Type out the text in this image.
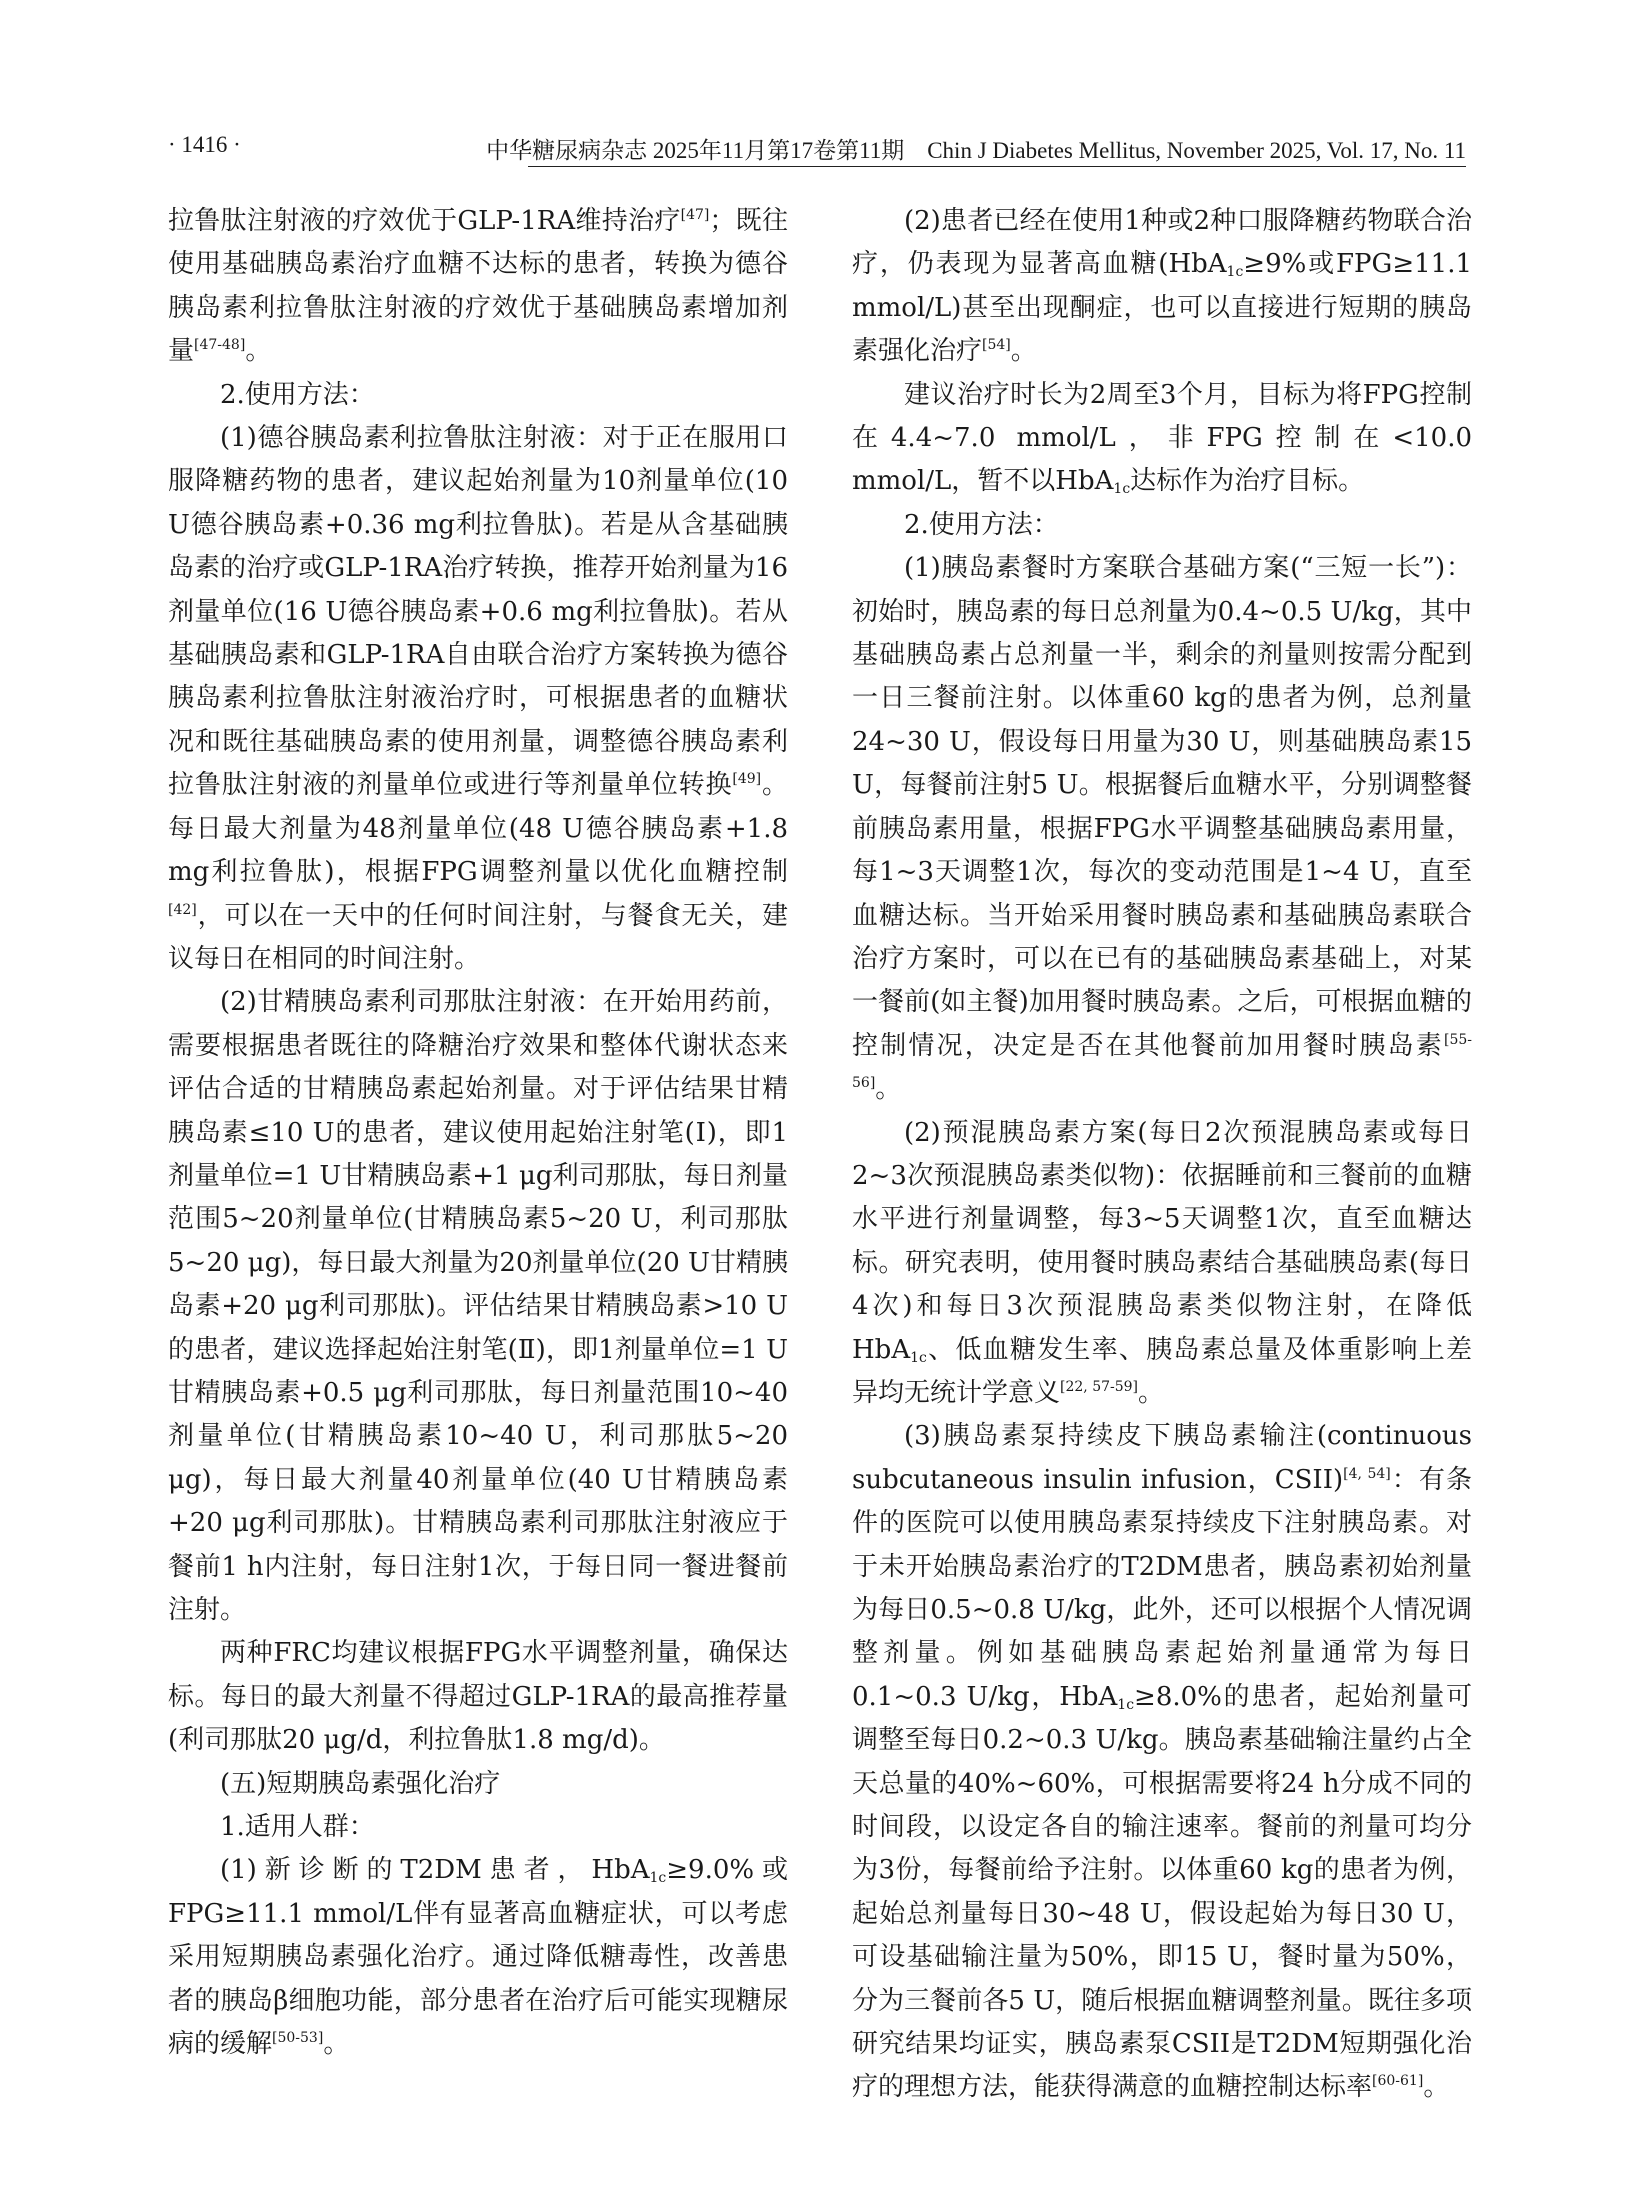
· 1416 ·	中华糖尿病杂志 2025年11月第17卷第11期　Chin J Diabetes Mellitus, November 2025, Vol. 17, No. 11

拉鲁肽注射液的疗效优于GLP-1RA维持治疗[47]；既往使用基础胰岛素治疗血糖不达标的患者，转换为德谷胰岛素利拉鲁肽注射液的疗效优于基础胰岛素增加剂量[47-48]。

2.使用方法：

(1)德谷胰岛素利拉鲁肽注射液：对于正在服用口服降糖药物的患者，建议起始剂量为10剂量单位(10 U德谷胰岛素+0.36 mg利拉鲁肽)。若是从含基础胰岛素的治疗或GLP-1RA治疗转换，推荐开始剂量为16剂量单位(16 U德谷胰岛素+0.6 mg利拉鲁肽)。若从基础胰岛素和GLP-1RA自由联合治疗方案转换为德谷胰岛素利拉鲁肽注射液治疗时，可根据患者的血糖状况和既往基础胰岛素的使用剂量，调整德谷胰岛素利拉鲁肽注射液的剂量单位或进行等剂量单位转换[49]。每日最大剂量为48剂量单位(48 U德谷胰岛素+1.8 mg利拉鲁肽)，根据FPG调整剂量以优化血糖控制[42]，可以在一天中的任何时间注射，与餐食无关，建议每日在相同的时间注射。

(2)甘精胰岛素利司那肽注射液：在开始用药前，需要根据患者既往的降糖治疗效果和整体代谢状态来评估合适的甘精胰岛素起始剂量。对于评估结果甘精胰岛素≤10 U的患者，建议使用起始注射笔(Ⅰ)，即1剂量单位=1 U甘精胰岛素+1 μg利司那肽，每日剂量范围5~20剂量单位(甘精胰岛素5~20 U，利司那肽5~20 μg)，每日最大剂量为20剂量单位(20 U甘精胰岛素+20 μg利司那肽)。评估结果甘精胰岛素>10 U的患者，建议选择起始注射笔(Ⅱ)，即1剂量单位=1 U甘精胰岛素+0.5 μg利司那肽，每日剂量范围10~40剂量单位(甘精胰岛素10~40 U，利司那肽5~20 μg)，每日最大剂量40剂量单位(40 U甘精胰岛素+20 μg利司那肽)。甘精胰岛素利司那肽注射液应于餐前1 h内注射，每日注射1次，于每日同一餐进餐前注射。

两种FRC均建议根据FPG水平调整剂量，确保达标。每日的最大剂量不得超过GLP-1RA的最高推荐量(利司那肽20 μg/d，利拉鲁肽1.8 mg/d)。

(五)短期胰岛素强化治疗

1.适用人群：

(1)新诊断的T2DM患者，HbA$_{1c}$≥9.0%或FPG≥11.1 mmol/L伴有显著高血糖症状，可以考虑采用短期胰岛素强化治疗。通过降低糖毒性，改善患者的胰岛β细胞功能，部分患者在治疗后可能实现糖尿病的缓解[50-53]。

(2)患者已经在使用1种或2种口服降糖药物联合治疗，仍表现为显著高血糖(HbA$_{1c}$≥9%或FPG≥11.1 mmol/L)甚至出现酮症，也可以直接进行短期的胰岛素强化治疗[54]。

建议治疗时长为2周至3个月，目标为将FPG控制在4.4~7.0 mmol/L，非FPG控制在<10.0 mmol/L，暂不以HbA$_{1c}$达标作为治疗目标。

2.使用方法：

(1)胰岛素餐时方案联合基础方案(“三短一长”)：初始时，胰岛素的每日总剂量为0.4~0.5 U/kg，其中基础胰岛素占总剂量一半，剩余的剂量则按需分配到一日三餐前注射。以体重60 kg的患者为例，总剂量24~30 U，假设每日用量为30 U，则基础胰岛素15 U，每餐前注射5 U。根据餐后血糖水平，分别调整餐前胰岛素用量，根据FPG水平调整基础胰岛素用量，每1~3天调整1次，每次的变动范围是1~4 U，直至血糖达标。当开始采用餐时胰岛素和基础胰岛素联合治疗方案时，可以在已有的基础胰岛素基础上，对某一餐前(如主餐)加用餐时胰岛素。之后，可根据血糖的控制情况，决定是否在其他餐前加用餐时胰岛素[55-56]。

(2)预混胰岛素方案(每日2次预混胰岛素或每日2~3次预混胰岛素类似物)：依据睡前和三餐前的血糖水平进行剂量调整，每3~5天调整1次，直至血糖达标。研究表明，使用餐时胰岛素结合基础胰岛素(每日4次)和每日3次预混胰岛素类似物注射，在降低HbA$_{1c}$、低血糖发生率、胰岛素总量及体重影响上差异均无统计学意义[22, 57-59]。

(3)胰岛素泵持续皮下胰岛素输注(continuous subcutaneous insulin infusion，CSII)[4, 54]：有条件的医院可以使用胰岛素泵持续皮下注射胰岛素。对于未开始胰岛素治疗的T2DM患者，胰岛素初始剂量为每日0.5~0.8 U/kg，此外，还可以根据个人情况调整剂量。例如基础胰岛素起始剂量通常为每日0.1~0.3 U/kg，HbA$_{1c}$≥8.0%的患者，起始剂量可调整至每日0.2~0.3 U/kg。胰岛素基础输注量约占全天总量的40%~60%，可根据需要将24 h分成不同的时间段，以设定各自的输注速率。餐前的剂量可均分为3份，每餐前给予注射。以体重60 kg的患者为例，起始总剂量每日30~48 U，假设起始为每日30 U，可设基础输注量为50%，即15 U，餐时量为50%，分为三餐前各5 U，随后根据血糖调整剂量。既往多项研究结果均证实，胰岛素泵CSII是T2DM短期强化治疗的理想方法，能获得满意的血糖控制达标率[60-61]。
